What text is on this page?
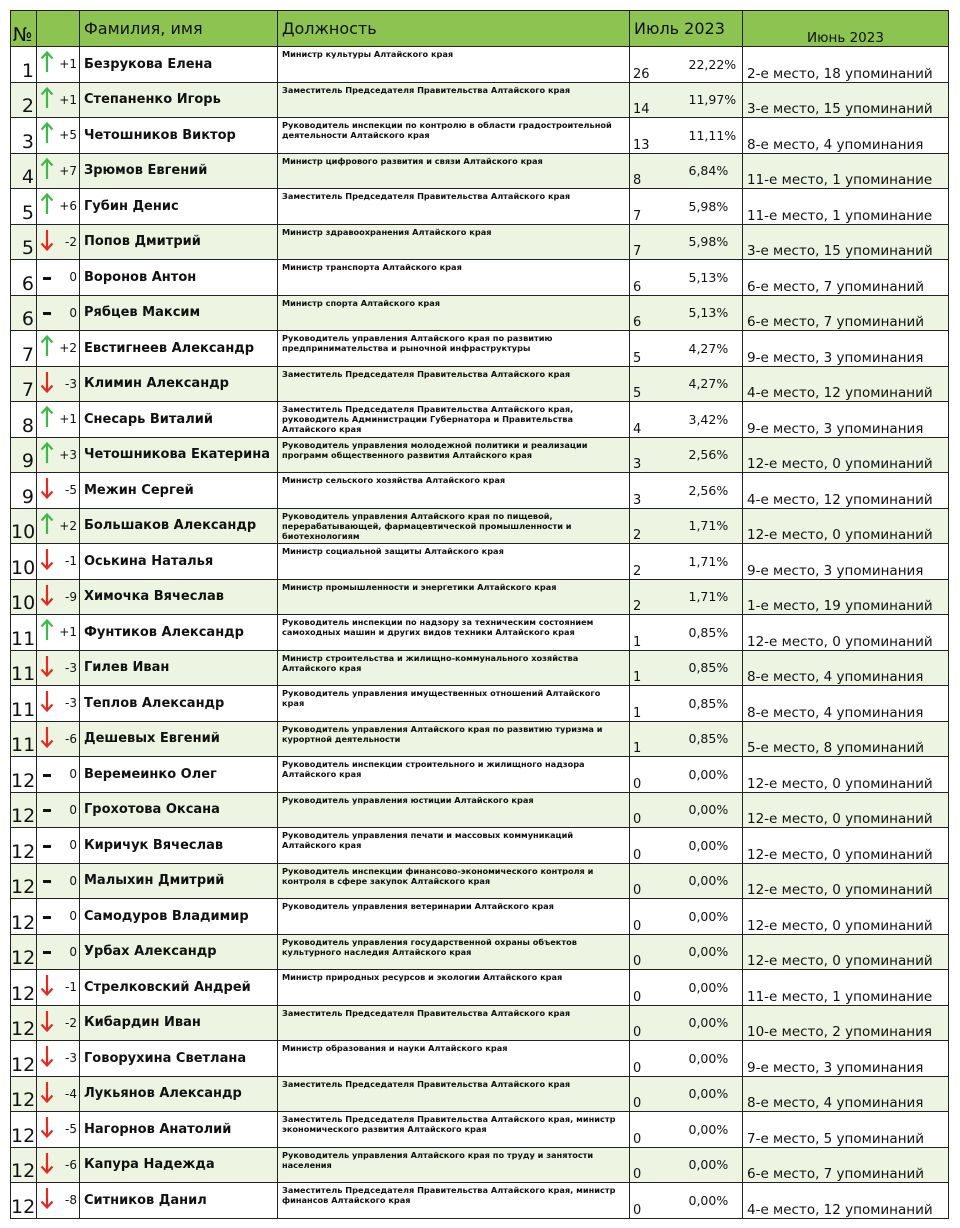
№			Фамилия, имя	Должность	Июль 2023		Июнь 2023
1		+1	Безрукова Елена	Министр культуры Алтайского края	26	22,22%	2-е место, 18 упоминаний
2		+1	Степаненко Игорь	Заместитель Председателя Правительства Алтайского края	14	11,97%	3-е место, 15 упоминаний
3		+5	Четошников Виктор	Руководитель инспекции по контролю в области градостроительной деятельности Алтайского края	13	11,11%	8-е место, 4 упоминания
4		+7	Зрюмов Евгений	Министр цифрового развития и связи Алтайского края	8	6,84%	11-е место, 1 упоминание
5		+6	Губин Денис	Заместитель Председателя Правительства Алтайского края	7	5,98%	11-е место, 1 упоминание
5		-2	Попов Дмитрий	Министр здравоохранения Алтайского края	7	5,98%	3-е место, 15 упоминаний
6		0	Воронов Антон	Министр транспорта Алтайского края	6	5,13%	6-е место, 7 упоминаний
6		0	Рябцев Максим	Министр спорта Алтайского края	6	5,13%	6-е место, 7 упоминаний
7		+2	Евстигнеев Александр	Руководитель управления Алтайского края по развитию предпринимательства и рыночной инфраструктуры	5	4,27%	9-е место, 3 упоминания
7		-3	Климин Александр	Заместитель Председателя Правительства Алтайского края	5	4,27%	4-е место, 12 упоминаний
8		+1	Снесарь Виталий	Заместитель Председателя Правительства Алтайского края, руководитель Администрации Губернатора и Правительства Алтайского края	4	3,42%	9-е место, 3 упоминания
9		+3	Четошникова Екатерина	Руководитель управления молодежной политики и реализации программ общественного развития Алтайского края	3	2,56%	12-е место, 0 упоминаний
9		-5	Межин Сергей	Министр сельского хозяйства Алтайского края	3	2,56%	4-е место, 12 упоминаний
10		+2	Большаков Александр	Руководитель управления Алтайского края по пищевой, перерабатывающей, фармацевтической промышленности и биотехнологиям	2	1,71%	12-е место, 0 упоминаний
10		-1	Оськина Наталья	Министр социальной защиты Алтайского края	2	1,71%	9-е место, 3 упоминания
10		-9	Химочка Вячеслав	Министр промышленности и энергетики Алтайского края	2	1,71%	1-е место, 19 упоминаний
11		+1	Фунтиков Александр	Руководитель инспекции по надзору за техническим состоянием самоходных машин и других видов техники Алтайского края	1	0,85%	12-е место, 0 упоминаний
11		-3	Гилев Иван	Министр строительства и жилищно-коммунального хозяйства Алтайского края	1	0,85%	8-е место, 4 упоминания
11		-3	Теплов Александр	Руководитель управления имущественных отношений Алтайского края	1	0,85%	8-е место, 4 упоминания
11		-6	Дешевых Евгений	Руководитель управления Алтайского края по развитию туризма и курортной деятельности	1	0,85%	5-е место, 8 упоминаний
12		0	Веремеинко Олег	Руководитель инспекции строительного и жилищного надзора Алтайского края	0	0,00%	12-е место, 0 упоминаний
12		0	Грохотова Оксана	Руководитель управления юстиции Алтайского края	0	0,00%	12-е место, 0 упоминаний
12		0	Киричук Вячеслав	Руководитель управления печати и массовых коммуникаций Алтайского края	0	0,00%	12-е место, 0 упоминаний
12		0	Малыхин Дмитрий	Руководитель инспекции финансово-экономического контроля и контроля в сфере закупок Алтайского края	0	0,00%	12-е место, 0 упоминаний
12		0	Самодуров Владимир	Руководитель управления ветеринарии Алтайского края	0	0,00%	12-е место, 0 упоминаний
12		0	Урбах Александр	Руководитель управления государственной охраны объектов культурного наследия Алтайского края	0	0,00%	12-е место, 0 упоминаний
12		-1	Стрелковский Андрей	Министр природных ресурсов и экологии Алтайского края	0	0,00%	11-е место, 1 упоминание
12		-2	Кибардин Иван	Заместитель Председателя Правительства Алтайского края	0	0,00%	10-е место, 2 упоминания
12		-3	Говорухина Светлана	Министр образования и науки Алтайского края	0	0,00%	9-е место, 3 упоминания
12		-4	Лукьянов Александр	Заместитель Председателя Правительства Алтайского края	0	0,00%	8-е место, 4 упоминания
12		-5	Нагорнов Анатолий	Заместитель Председателя Правительства Алтайского края, министр экономического развития Алтайского края	0	0,00%	7-е место, 5 упоминаний
12		-6	Капура Надежда	Руководитель управления Алтайского края по труду и занятости населения	0	0,00%	6-е место, 7 упоминаний
12		-8	Ситников Данил	Заместитель Председателя Правительства Алтайского края, министр финансов Алтайского края	0	0,00%	4-е место, 12 упоминаний
